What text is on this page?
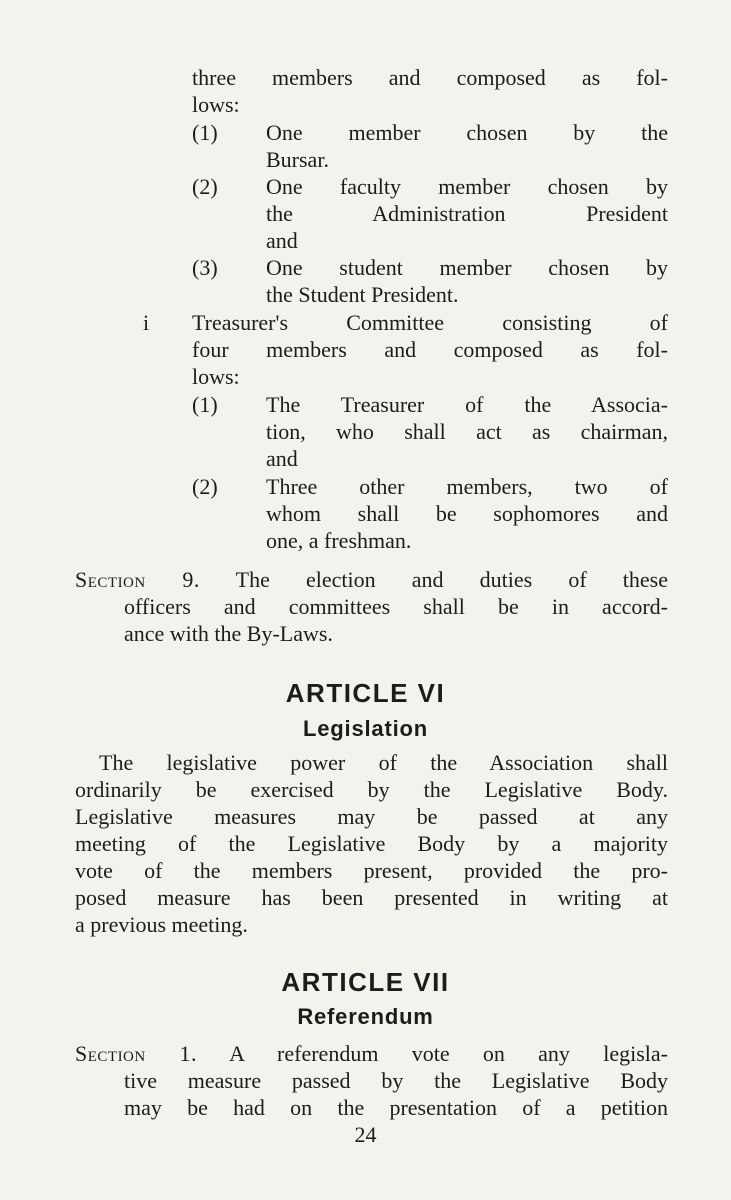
three members and composed as fol-
lows:
(1)	One member chosen by the
Bursar.
(2)	One faculty member chosen by
the Administration President
and
(3)	One student member chosen by
the Student President.
i	Treasurer's Committee consisting of
four members and composed as fol-
lows:
(1)	The Treasurer of the Associa-
tion, who shall act as chairman,
and
(2)	Three other members, two of
whom shall be sophomores and
one, a freshman.
Section 9. The election and duties of these
officers and committees shall be in accord-
ance with the By-Laws.
ARTICLE VI
Legislation
The legislative power of the Association shall
ordinarily be exercised by the Legislative Body.
Legislative measures may be passed at any
meeting of the Legislative Body by a majority
vote of the members present, provided the pro-
posed measure has been presented in writing at
a previous meeting.
ARTICLE VII
Referendum
Section 1. A referendum vote on any legisla-
tive measure passed by the Legislative Body
may be had on the presentation of a petition
24
